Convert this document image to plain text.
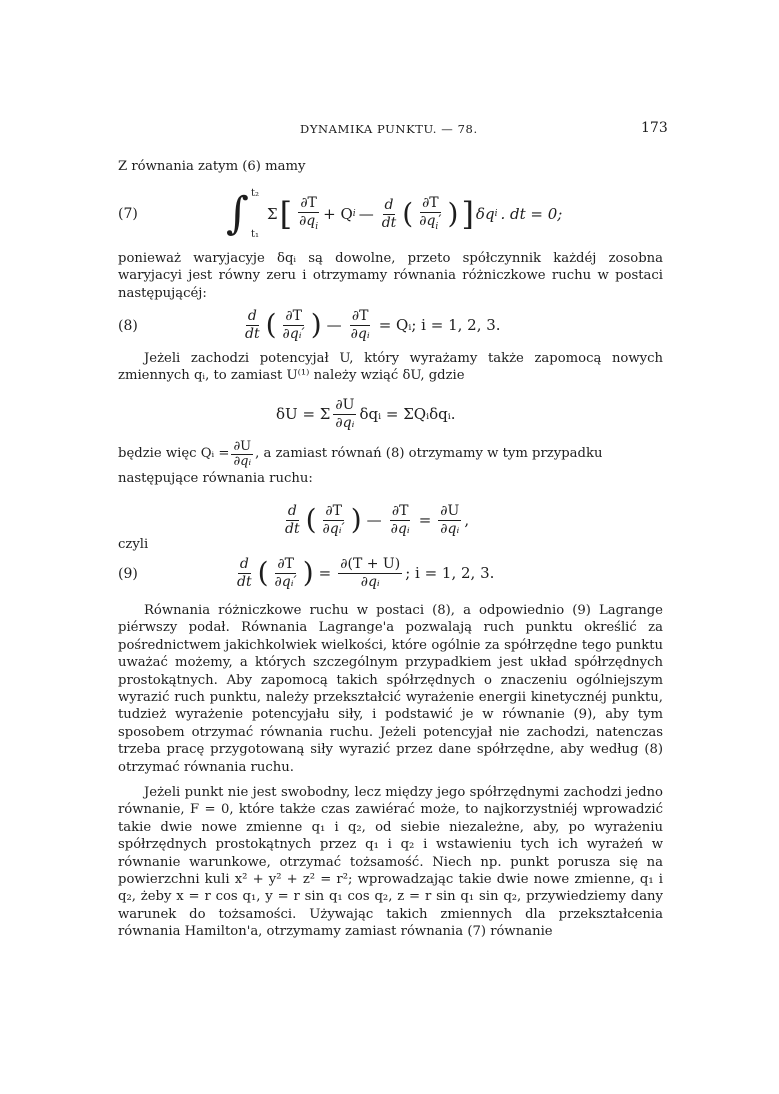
DYNAMIKA PUNKTU. — 78.	173
Z równania zatym (6) mamy
(7) ∫ t₂
t₁
Σ [ $\frac{\partial T}{\partial q_i} + Q$ i — $\frac{d}{dt}$ ( $\frac{\partial T}{\partial q_i'}$ ) ] δq i . dt = 0;

ponieważ waryjacyje δqᵢ są dowolne, przeto spółczynnik każdéj zosobna waryjacyi jest równy zeru i otrzymamy równania różniczkowe ruchu w postaci następującéj:

(8)	$\frac{d}{dt}$ ( $\frac{\partial T}{\text{∂qᵢ′}}$ ) — $\frac{\partial T}{\text{∂qᵢ}}$ = Qᵢ; i = 1, 2, 3.

Jeżeli zachodzi potencyjał U, który wyrażamy także zapomocą nowych zmiennych qᵢ, to zamiast U⁽¹⁾ należy wziąć δU, gdzie

δU = Σ $\frac{\partial U}{\text{∂qᵢ}}$ δqᵢ = ΣQᵢδqᵢ.
będzie więc Qᵢ = $\frac{\partial U}{\text{∂qᵢ}}$ , a zamiast równań (8) otrzymamy w tym przypadku
następujące równania ruchu:
$\frac{d}{dt}$ ( $\frac{\partial T}{\text{∂qᵢ′}}$ ) — $\frac{\partial T}{\text{∂qᵢ}} = \frac{\partial U}{\text{∂qᵢ}}$ ,
czyli
(9)	$\frac{d}{dt}$ ( $\frac{\partial T}{\text{∂qᵢ′}}$ ) = $\frac{\partial(T + U)}{\text{∂qᵢ}}$ ; i = 1, 2, 3.

Równania różniczkowe ruchu w postaci (8), a odpowiednio (9) Lagrange piérwszy podał. Równania Lagrange'a pozwalają ruch punktu określić za pośrednictwem jakichkolwiek wielkości, które ogólnie za spółrzędne tego punktu uważać możemy, a których szczególnym przypadkiem jest układ spółrzędnych prostokątnych. Aby zapomocą takich spółrzędnych o znaczeniu ogólniejszym wyrazić ruch punktu, należy przekształcić wyrażenie energii kinetycznéj punktu, tudzież wyrażenie potencyjału siły, i podstawić je w równanie (9), aby tym sposobem otrzymać równania ruchu. Jeżeli potencyjał nie zachodzi, natenczas trzeba pracę przygotowaną siły wyrazić przez dane spółrzędne, aby według (8) otrzymać równania ruchu.

Jeżeli punkt nie jest swobodny, lecz między jego spółrzędnymi zachodzi jedno równanie, F = 0, które także czas zawiérać może, to najkorzystniéj wprowadzić takie dwie nowe zmienne q₁ i q₂, od siebie niezależne, aby, po wyrażeniu spółrzędnych prostokątnych przez q₁ i q₂ i wstawieniu tych ich wyrażeń w równanie warunkowe, otrzymać tożsamość. Niech np. punkt porusza się na powierzchni kuli x² + y² + z² = r²; wprowadzając takie dwie nowe zmienne, q₁ i q₂, żeby x = r cos q₁, y = r sin q₁ cos q₂, z = r sin q₁ sin q₂, przywiedziemy dany warunek do tożsamości. Używając takich zmiennych dla przekształcenia równania Hamilton'a, otrzymamy zamiast równania (7) równanie
